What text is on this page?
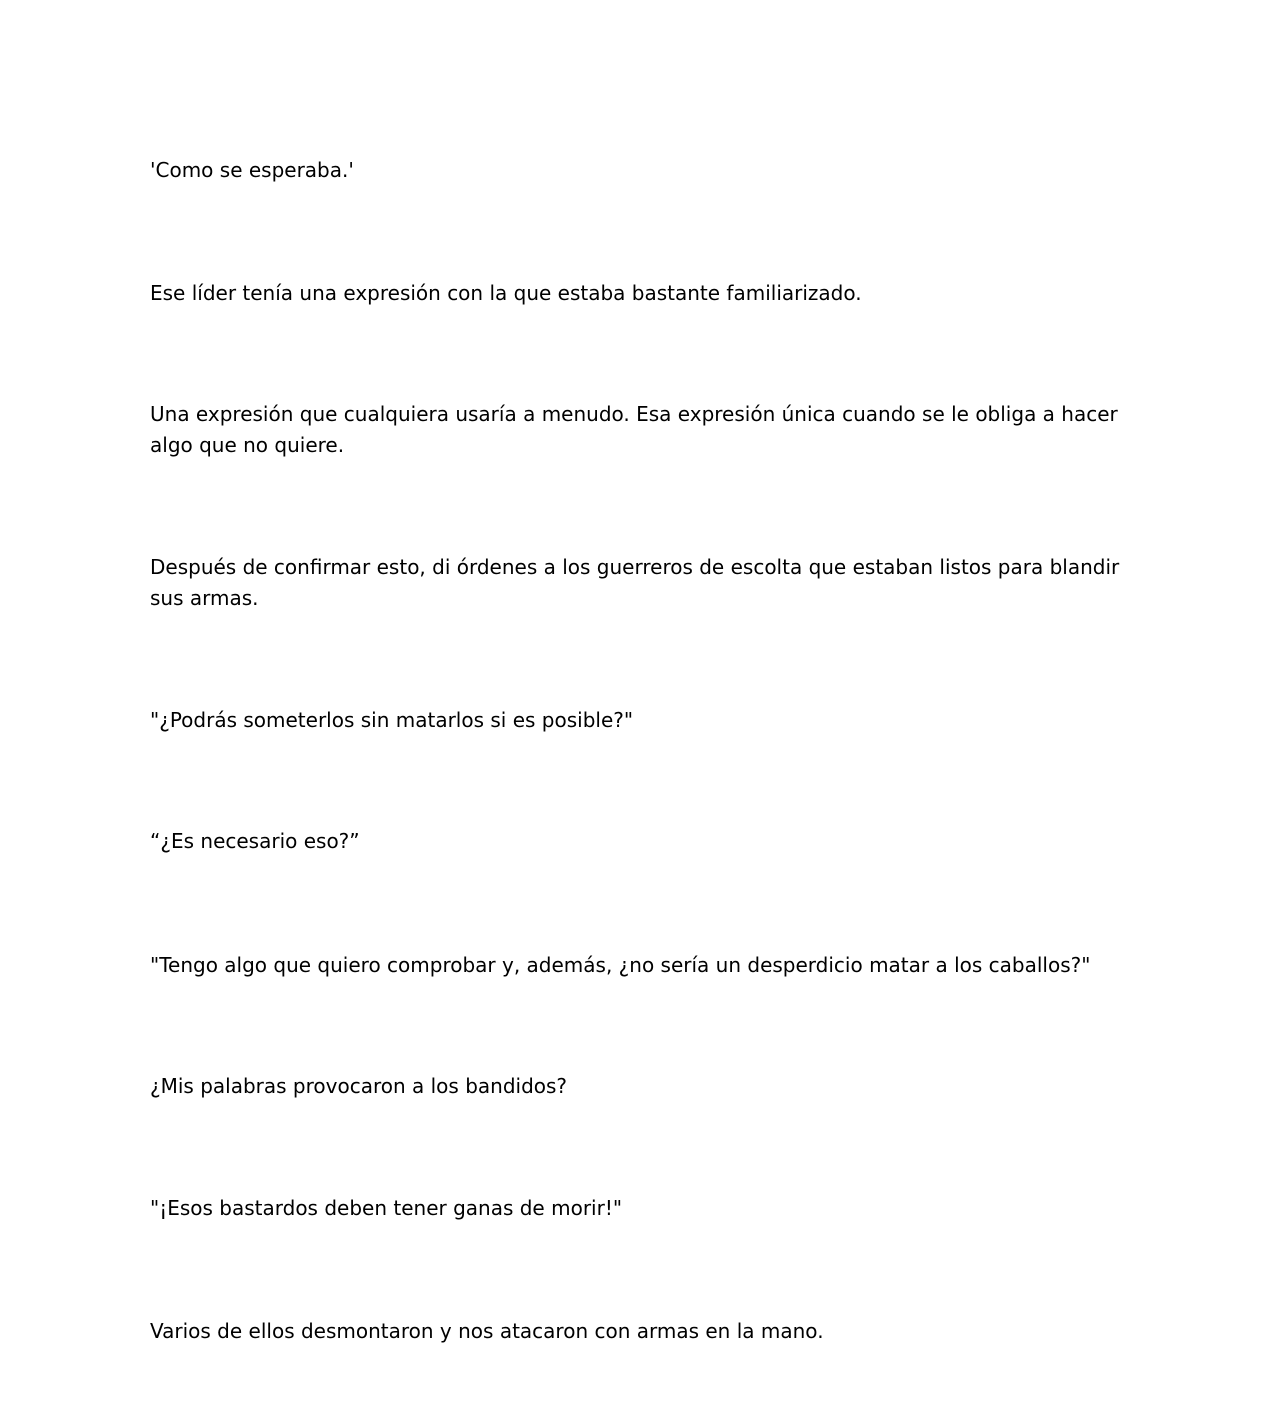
'Como se esperaba.'

Ese líder tenía una expresión con la que estaba bastante familiarizado.

Una expresión que cualquiera usaría a menudo. Esa expresión única cuando se le obliga a hacer algo que no quiere.

Después de confirmar esto, di órdenes a los guerreros de escolta que estaban listos para blandir sus armas.

"¿Podrás someterlos sin matarlos si es posible?"

“¿Es necesario eso?”

"Tengo algo que quiero comprobar y, además, ¿no sería un desperdicio matar a los caballos?"

¿Mis palabras provocaron a los bandidos?

"¡Esos bastardos deben tener ganas de morir!"

Varios de ellos desmontaron y nos atacaron con armas en la mano.
